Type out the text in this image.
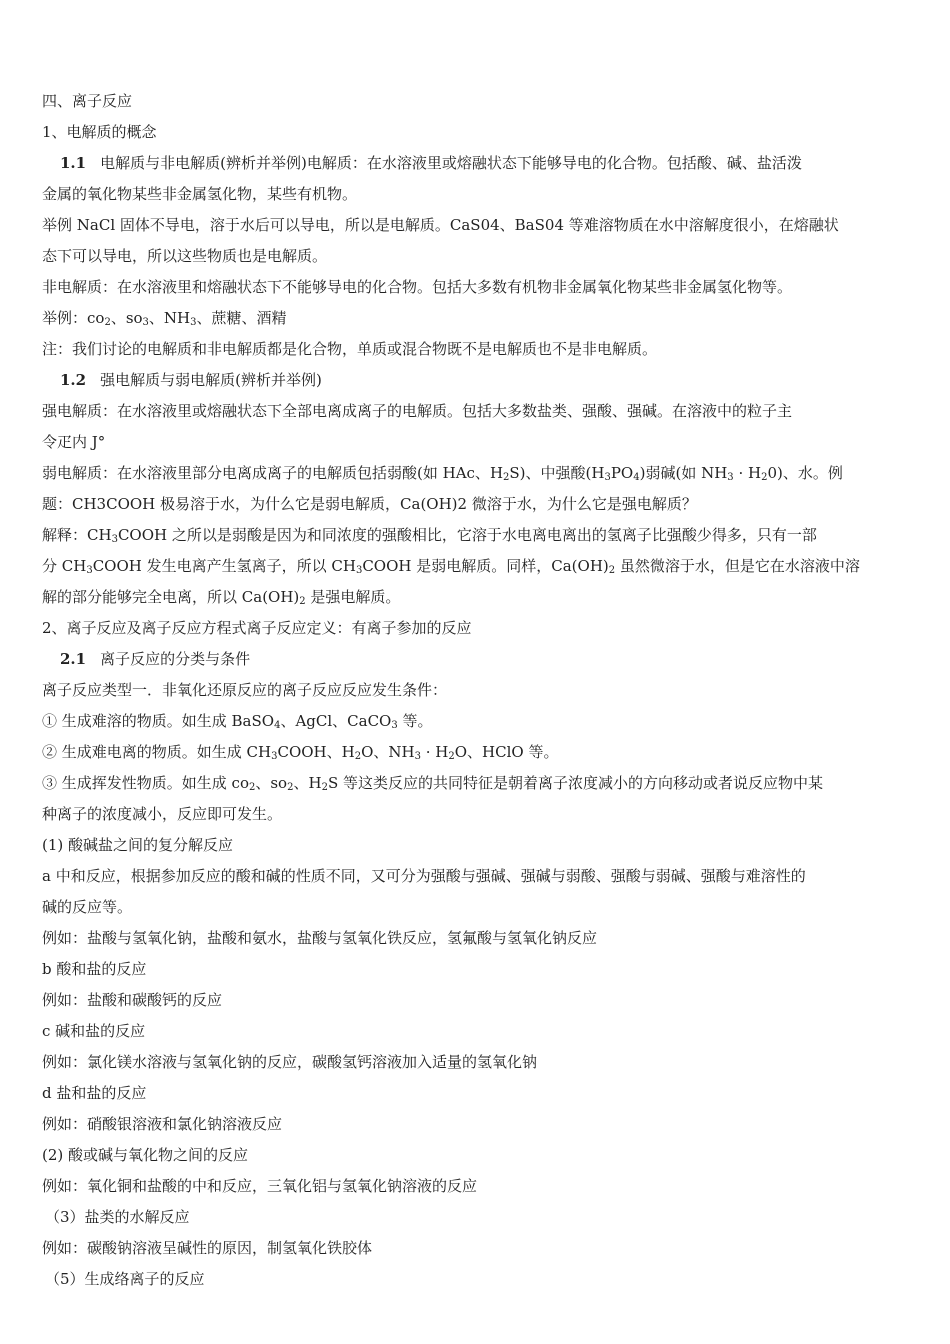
四、离子反应
1、电解质的概念
1.1 电解质与非电解质(辨析并举例)电解质：在水溶液里或熔融状态下能够导电的化合物。包括酸、碱、盐活泼
金属的氧化物某些非金属氢化物，某些有机物。
举例 NaCl 固体不导电，溶于水后可以导电，所以是电解质。CaS04、BaS04 等难溶物质在水中溶解度很小，在熔融状
态下可以导电，所以这些物质也是电解质。
非电解质：在水溶液里和熔融状态下不能够导电的化合物。包括大多数有机物非金属氧化物某些非金属氢化物等。
举例：$co_2$、$so_3$、$NH_3$、蔗糖、酒精
注：我们讨论的电解质和非电解质都是化合物，单质或混合物既不是电解质也不是非电解质。
1.2 强电解质与弱电解质(辨析并举例)
强电解质：在水溶液里或熔融状态下全部电离成离子的电解质。包括大多数盐类、强酸、强碱。在溶液中的粒子主
令疋内 J°
弱电解质：在水溶液里部分电离成离子的电解质包括弱酸(如 HAc、$H_2S$)、中强酸$(H_3PO_4)$弱碱(如 $NH_3 \cdot H_20$)、水。例
题：CH3COOH 极易溶于水，为什么它是弱电解质，Ca(OH)2 微溶于水，为什么它是强电解质？
解释：$CH_3COOH$ 之所以是弱酸是因为和同浓度的强酸相比，它溶于水电离电离出的氢离子比强酸少得多，只有一部
分 $CH_3COOH$ 发生电离产生氢离子，所以 $CH_3COOH$ 是弱电解质。同样，$Ca(OH)_2$ 虽然微溶于水，但是它在水溶液中溶
解的部分能够完全电离，所以 $Ca(OH)_2$ 是强电解质。
2、离子反应及离子反应方程式离子反应定义：有离子参加的反应
2.1 离子反应的分类与条件
离子反应类型一．非氧化还原反应的离子反应反应发生条件：
① 生成难溶的物质。如生成 BaSO$_4$、AgCl、CaCO$_3$ 等。
② 生成难电离的物质。如生成 $CH_3COOH$、$H_2O$、$NH_3 \cdot H_2O$、HClO 等。
③ 生成挥发性物质。如生成 $co_2$、$so_2$、$H_2S$ 等这类反应的共同特征是朝着离子浓度减小的方向移动或者说反应物中某
种离子的浓度减小，反应即可发生。
(1) 酸碱盐之间的复分解反应
a 中和反应，根据参加反应的酸和碱的性质不同，又可分为强酸与强碱、强碱与弱酸、强酸与弱碱、强酸与难溶性的
碱的反应等。
例如：盐酸与氢氧化钠，盐酸和氨水，盐酸与氢氧化铁反应，氢氟酸与氢氧化钠反应
b 酸和盐的反应
例如：盐酸和碳酸钙的反应
c 碱和盐的反应
例如：氯化镁水溶液与氢氧化钠的反应，碳酸氢钙溶液加入适量的氢氧化钠
d 盐和盐的反应
例如：硝酸银溶液和氯化钠溶液反应
(2) 酸或碱与氧化物之间的反应
例如：氧化铜和盐酸的中和反应，三氧化铝与氢氧化钠溶液的反应
（3）盐类的水解反应
例如：碳酸钠溶液呈碱性的原因，制氢氧化铁胶体
（5）生成络离子的反应
